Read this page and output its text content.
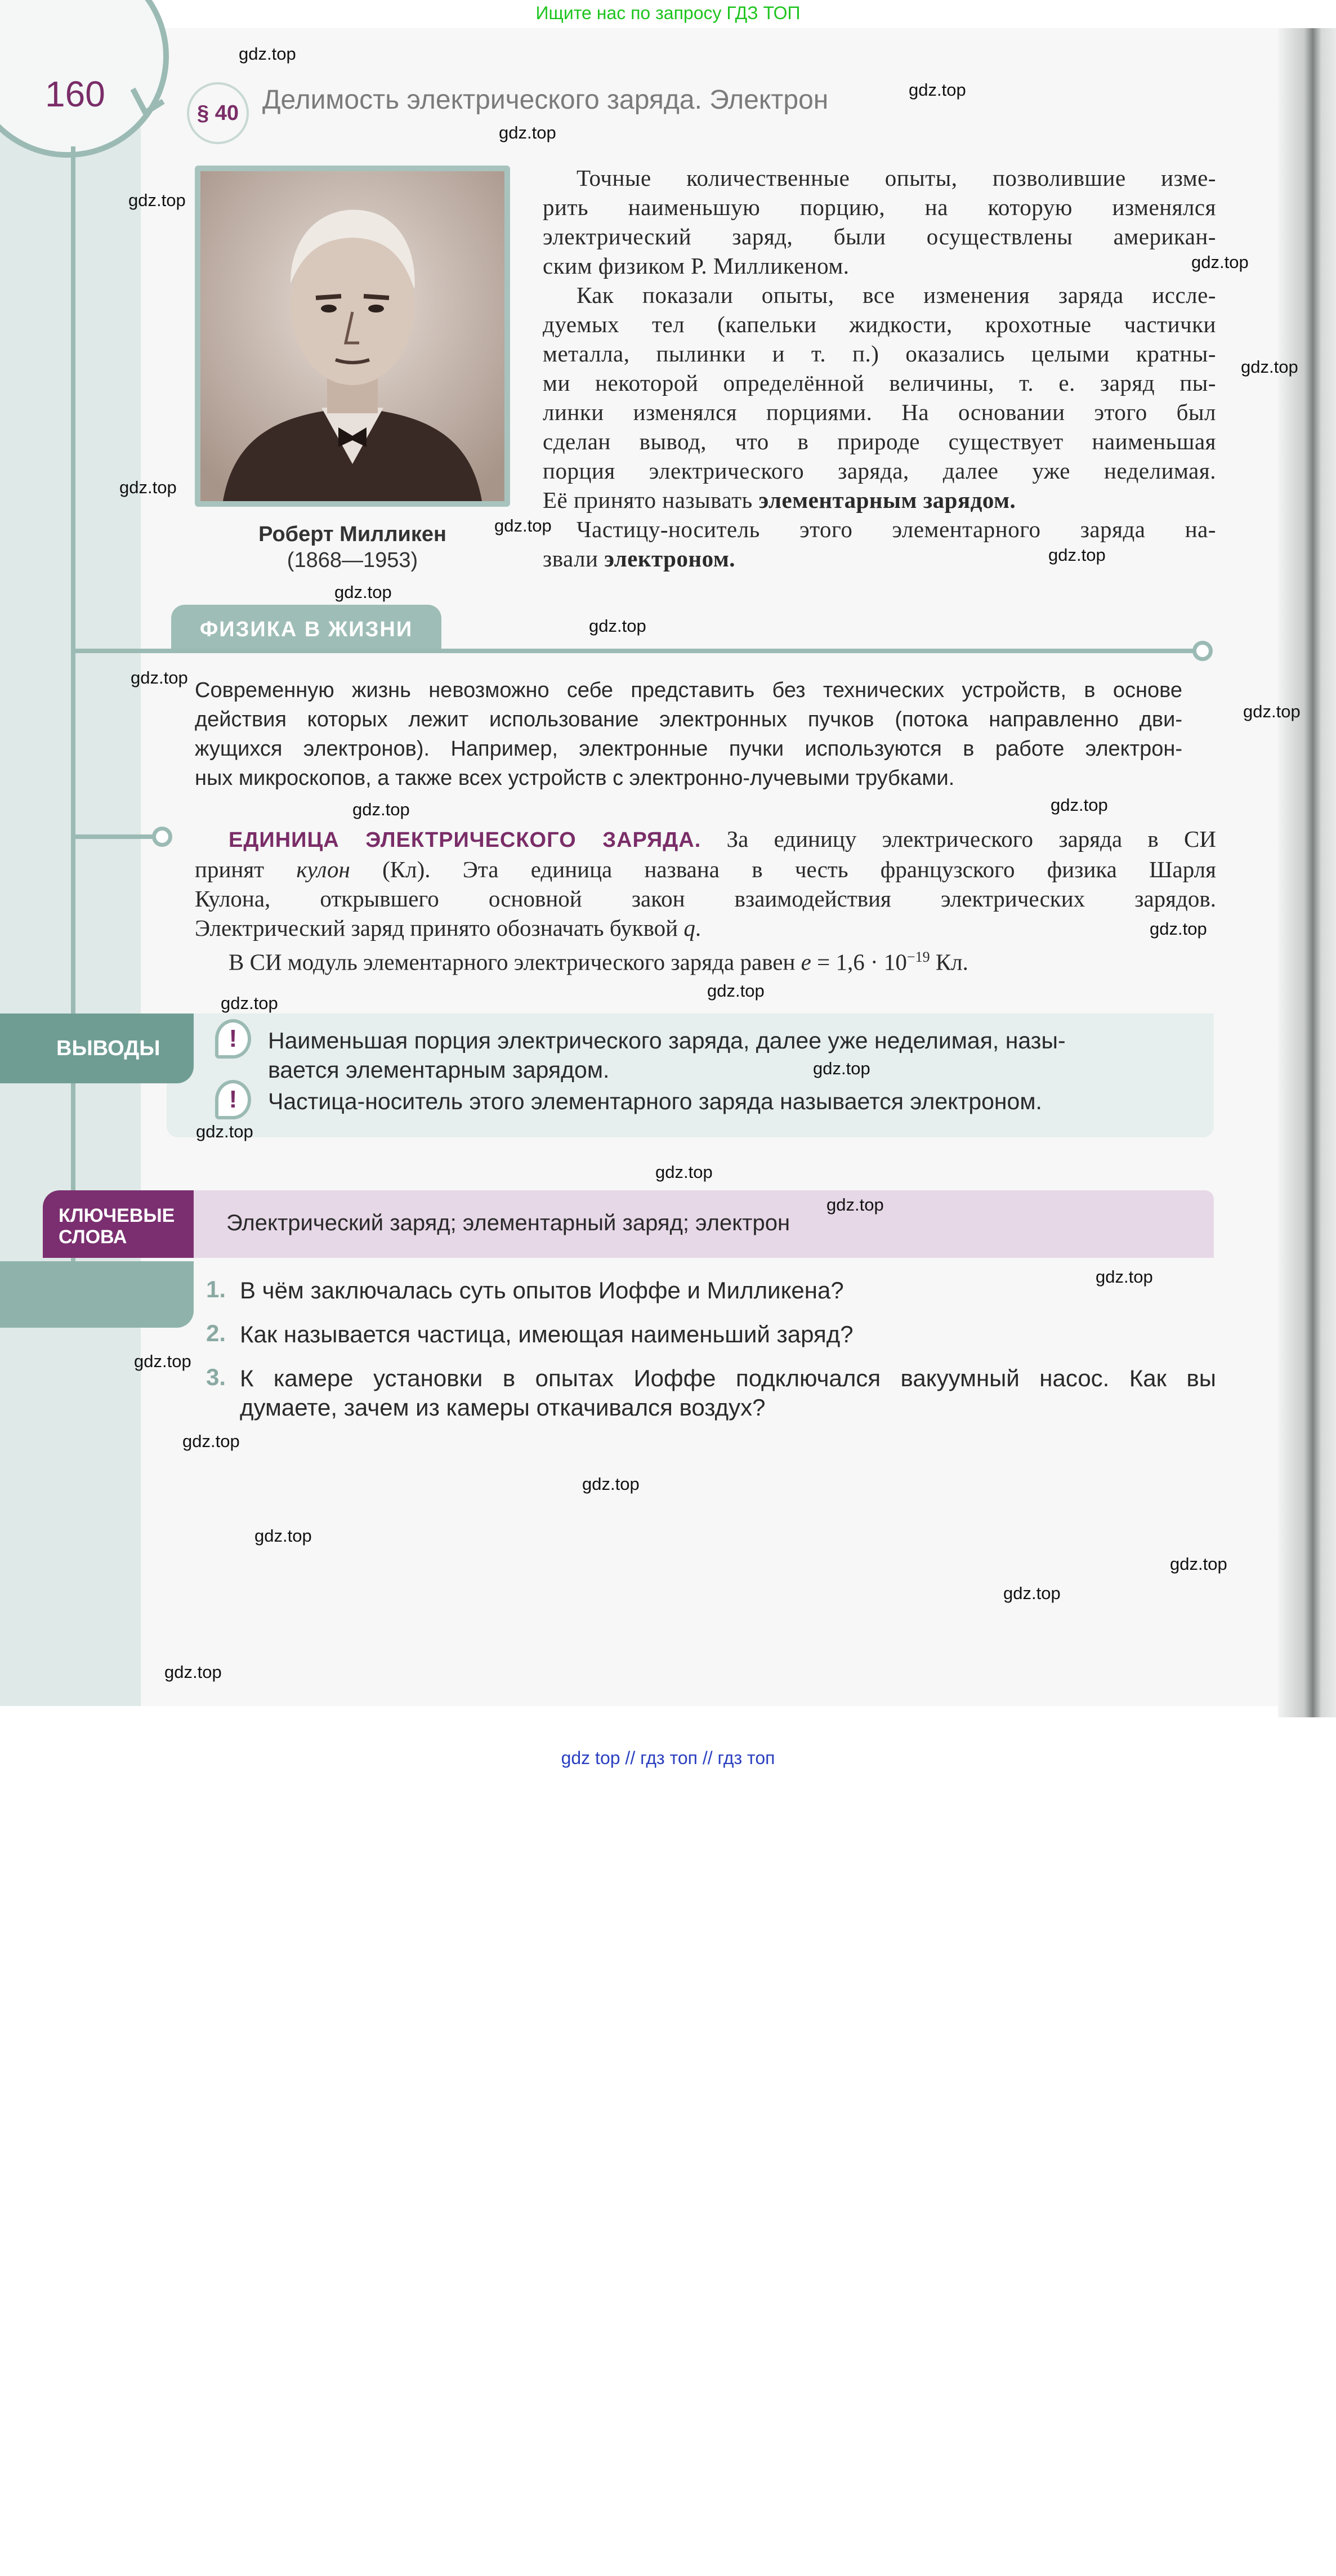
Ищите нас по запросу ГДЗ ТОП
gdz top // гдз топ // гдз топ
160	§ 40 Делимость электрического заряда. Электрон
Роберт Милликен
(1868—1953)
Точные количественные опыты, позволившие изме-
рить наименьшую порцию, на которую изменялся
электрический заряд, были осуществлены американ-
ским физиком Р. Милликеном.
Как показали опыты, все изменения заряда иссле-
дуемых тел (капельки жидкости, крохотные частички
металла, пылинки и т. п.) оказались целыми кратны-
ми некоторой определённой величины, т. е. заряд пы-
линки изменялся порциями. На основании этого был
сделан вывод, что в природе существует наименьшая
порция электрического заряда, далее уже неделимая.
Её принято называть элементарным зарядом.
Частицу-носитель этого элементарного заряда на-
звали электроном.
ФИЗИКА В ЖИЗНИ
Современную жизнь невозможно себе представить без технических устройств, в основе
действия которых лежит использование электронных пучков (потока направленно дви-
жущихся электронов). Например, электронные пучки используются в работе электрон-
ных микроскопов, а также всех устройств с электронно-лучевыми трубками.
ЕДИНИЦА ЭЛЕКТРИЧЕСКОГО ЗАРЯДА. За единицу электрического заряда в СИ
принят кулон (Кл). Эта единица названа в честь французского физика Шарля
Кулона, открывшего основной закон взаимодействия электрических зарядов.
Электрический заряд принято обозначать буквой q.
В СИ модуль элементарного электрического заряда равен $e = 1,6 \cdot 10^{-19}$ Кл.
ВЫВОДЫ	!	Наименьшая порция электрического заряда, далее уже неделимая, назы-
вается элементарным зарядом.
!	Частица-носитель этого элементарного заряда называется электроном.
КЛЮЧЕВЫЕ
СЛОВА
Электрический заряд; элементарный заряд; электрон
И
ВОПРОСЫ
ЗАДАНИЯ
1. В чём заключалась суть опытов Иоффе и Милликена?
2. Как называется частица, имеющая наименьший заряд?
3. К камере установки в опытах Иоффе подключался вакуумный насос. Как вы
думаете, зачем из камеры откачивался воздух?
gdz.top
gdz.top
gdz.top
gdz.top
gdz.top
gdz.top
gdz.top
gdz.top
gdz.top
gdz.top
gdz.top
gdz.top
gdz.top
gdz.top
gdz.top
gdz.top
gdz.top
gdz.top
gdz.top
gdz.top
gdz.top
gdz.top
gdz.top
gdz.top
gdz.top
gdz.top
gdz.top
gdz.top
gdz.top
gdz.top
